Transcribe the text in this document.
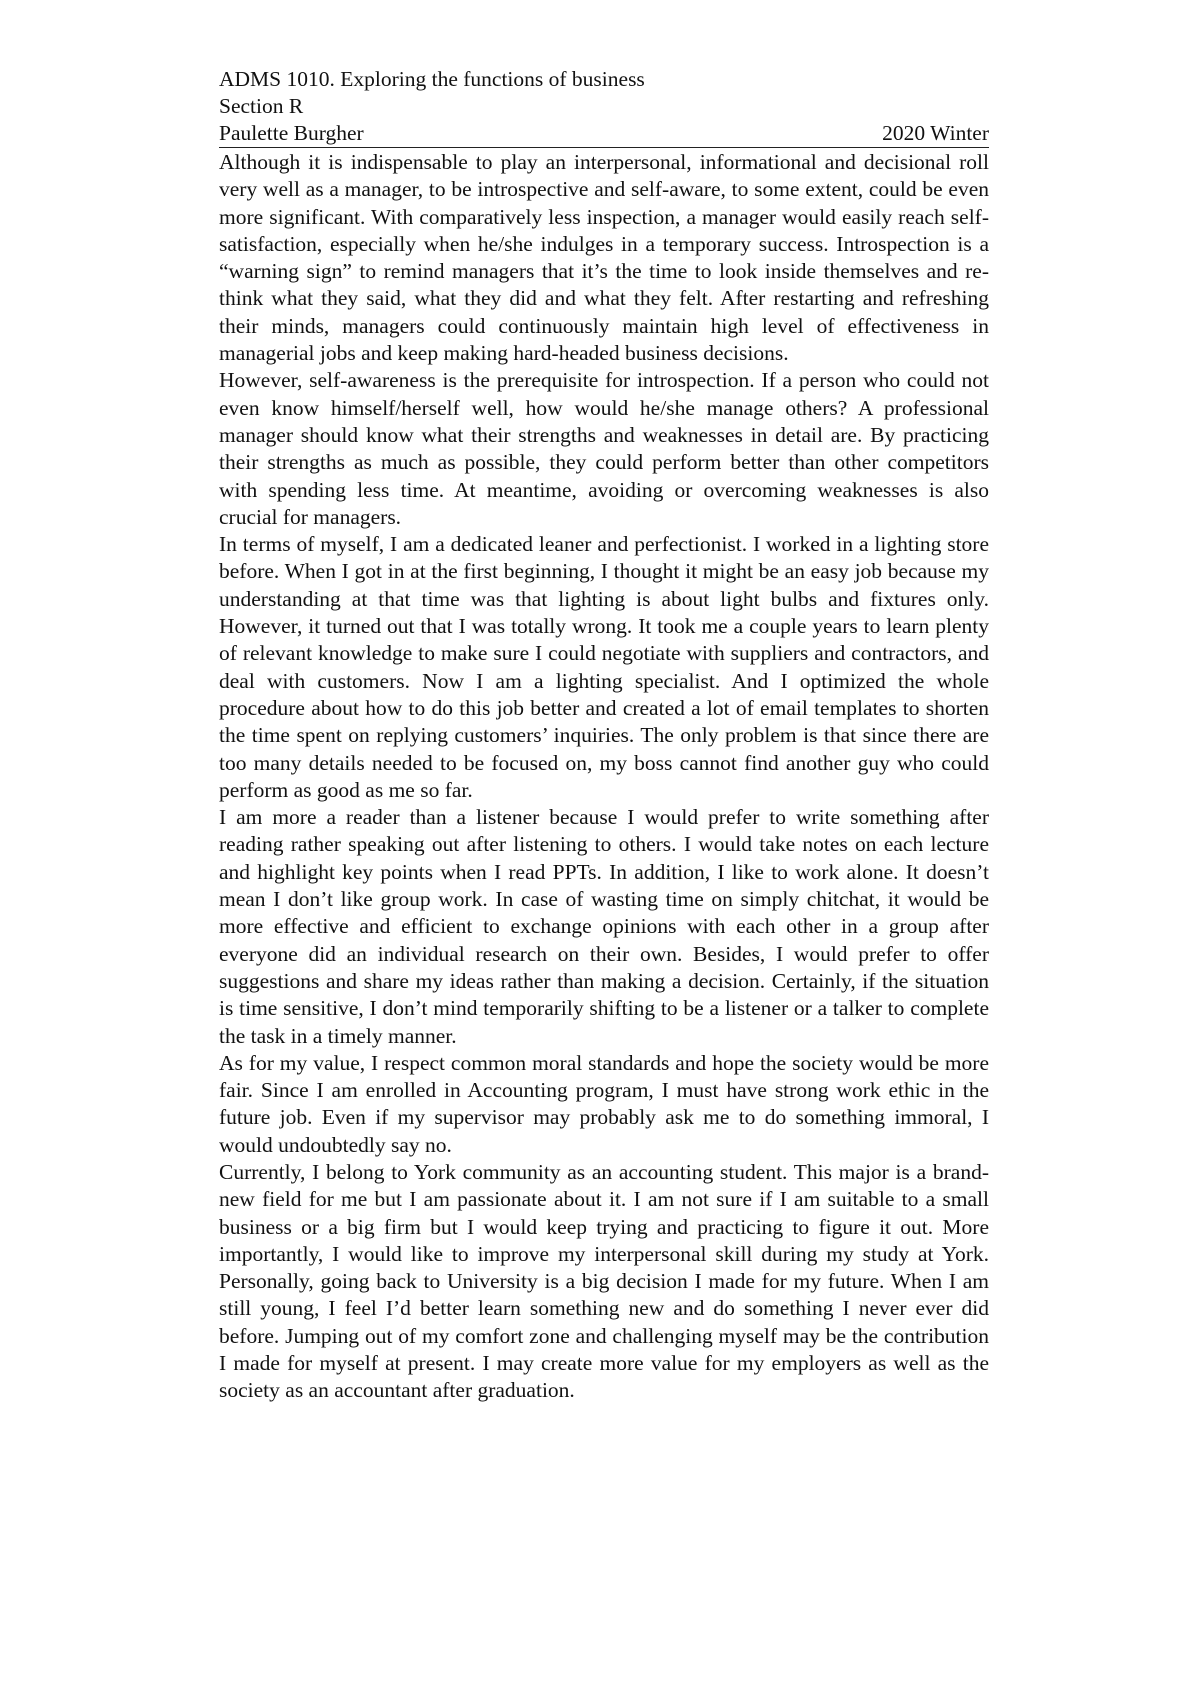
ADMS 1010. Exploring the functions of business

Section R

Paulette Burgher	2020 Winter

Although it is indispensable to play an interpersonal, informational and decisional roll very well as a manager, to be introspective and self-aware, to some extent, could be even more significant. With comparatively less inspection, a manager would easily reach self-satisfaction, especially when he/she indulges in a temporary success. Introspection is a “warning sign” to remind managers that it’s the time to look inside themselves and re-think what they said, what they did and what they felt. After restarting and refreshing their minds, managers could continuously maintain high level of effectiveness in managerial jobs and keep making hard-headed business decisions.

However, self-awareness is the prerequisite for introspection. If a person who could not even know himself/herself well, how would he/she manage others? A professional manager should know what their strengths and weaknesses in detail are. By practicing their strengths as much as possible, they could perform better than other competitors with spending less time. At meantime, avoiding or overcoming weaknesses is also crucial for managers.

In terms of myself, I am a dedicated leaner and perfectionist. I worked in a lighting store before. When I got in at the first beginning, I thought it might be an easy job because my understanding at that time was that lighting is about light bulbs and fixtures only. However, it turned out that I was totally wrong. It took me a couple years to learn plenty of relevant knowledge to make sure I could negotiate with suppliers and contractors, and deal with customers. Now I am a lighting specialist. And I optimized the whole procedure about how to do this job better and created a lot of email templates to shorten the time spent on replying customers’ inquiries. The only problem is that since there are too many details needed to be focused on, my boss cannot find another guy who could perform as good as me so far.

I am more a reader than a listener because I would prefer to write something after reading rather speaking out after listening to others. I would take notes on each lecture and highlight key points when I read PPTs. In addition, I like to work alone. It doesn’t mean I don’t like group work. In case of wasting time on simply chitchat, it would be more effective and efficient to exchange opinions with each other in a group after everyone did an individual research on their own. Besides, I would prefer to offer suggestions and share my ideas rather than making a decision. Certainly, if the situation is time sensitive, I don’t mind temporarily shifting to be a listener or a talker to complete the task in a timely manner.

As for my value, I respect common moral standards and hope the society would be more fair. Since I am enrolled in Accounting program, I must have strong work ethic in the future job. Even if my supervisor may probably ask me to do something immoral, I would undoubtedly say no.

Currently, I belong to York community as an accounting student. This major is a brand-new field for me but I am passionate about it. I am not sure if I am suitable to a small business or a big firm but I would keep trying and practicing to figure it out. More importantly, I would like to improve my interpersonal skill during my study at York. Personally, going back to University is a big decision I made for my future. When I am still young, I feel I’d better learn something new and do something I never ever did before. Jumping out of my comfort zone and challenging myself may be the contribution I made for myself at present. I may create more value for my employers as well as the society as an accountant after graduation.
